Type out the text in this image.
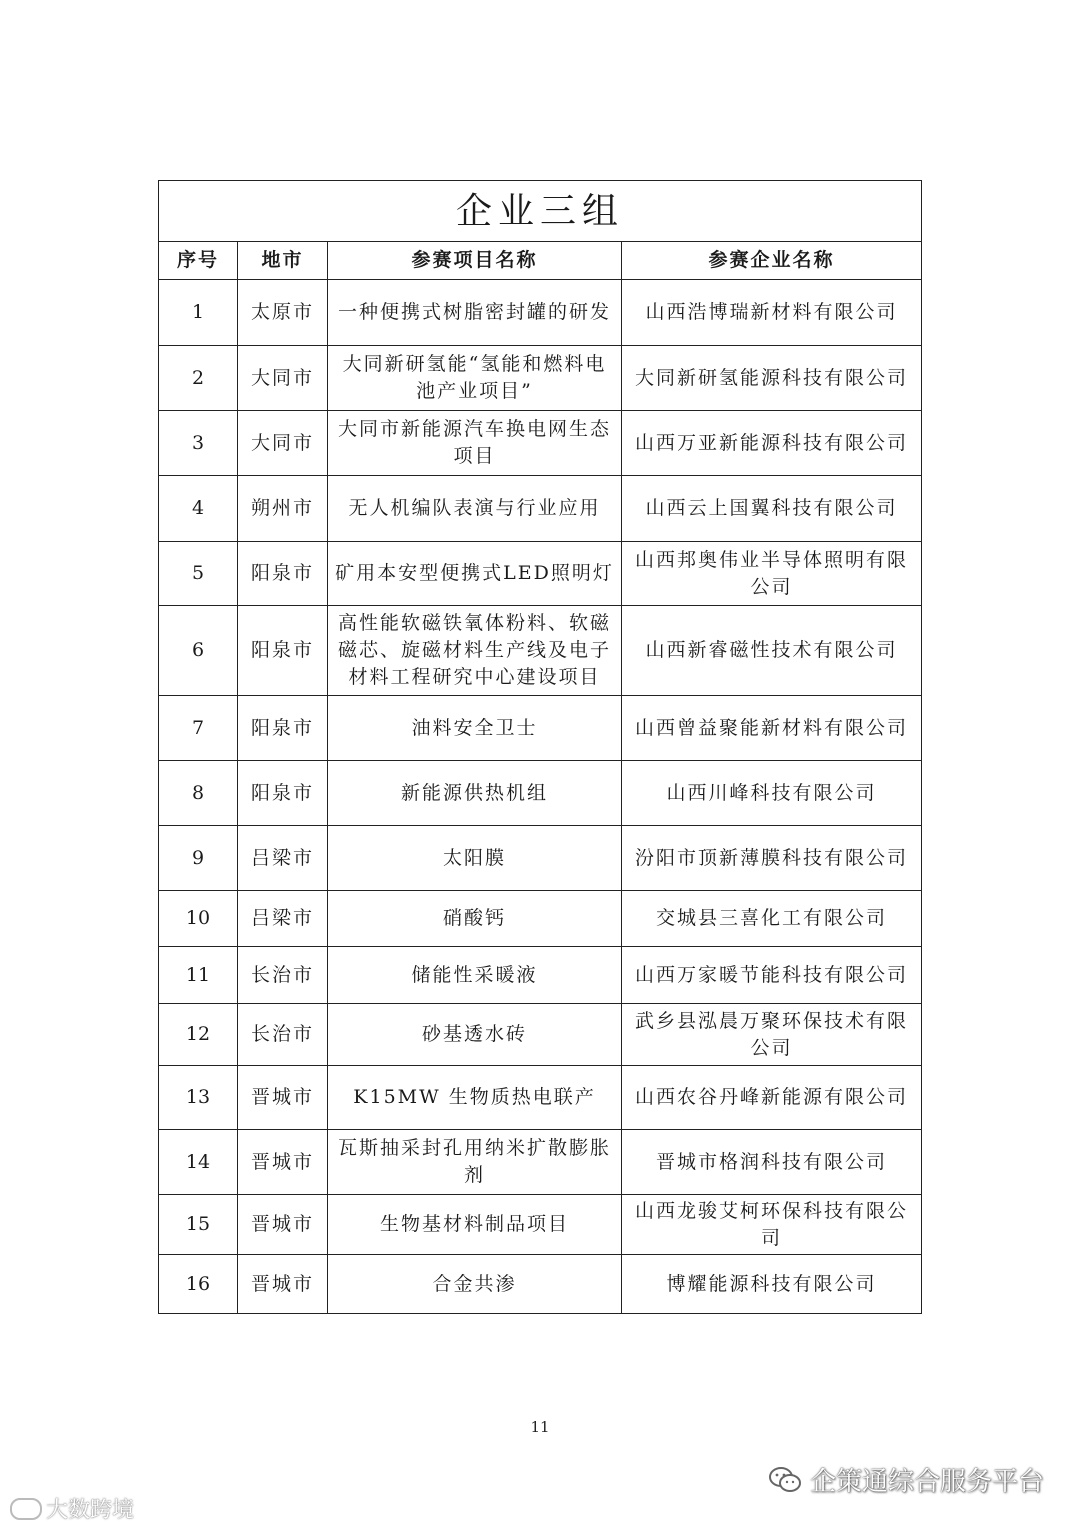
企业三组			
序号	地市	参赛项目名称	参赛企业名称
1	太原市	一种便携式树脂密封罐的研发	山西浩博瑞新材料有限公司
2	大同市	大同新研氢能“氢能和燃料电池产业项目”	大同新研氢能源科技有限公司
3	大同市	大同市新能源汽车换电网生态项目	山西万亚新能源科技有限公司
4	朔州市	无人机编队表演与行业应用	山西云上国翼科技有限公司
5	阳泉市	矿用本安型便携式LED照明灯	山西邦奥伟业半导体照明有限公司
6	阳泉市	高性能软磁铁氧体粉料、软磁磁芯、旋磁材料生产线及电子材料工程研究中心建设项目	山西新睿磁性技术有限公司
7	阳泉市	油料安全卫士	山西曾益聚能新材料有限公司
8	阳泉市	新能源供热机组	山西川峰科技有限公司
9	吕梁市	太阳膜	汾阳市顶新薄膜科技有限公司
10	吕梁市	硝酸钙	交城县三喜化工有限公司
11	长治市	储能性采暖液	山西万家暖节能科技有限公司
12	长治市	砂基透水砖	武乡县泓晨万聚环保技术有限公司
13	晋城市	K15MW 生物质热电联产	山西农谷丹峰新能源有限公司
14	晋城市	瓦斯抽采封孔用纳米扩散膨胀剂	晋城市格润科技有限公司
15	晋城市	生物基材料制品项目	山西龙骏艾柯环保科技有限公司
16	晋城市	合金共渗	博耀能源科技有限公司
11
大数跨境
企策通综合服务平台
